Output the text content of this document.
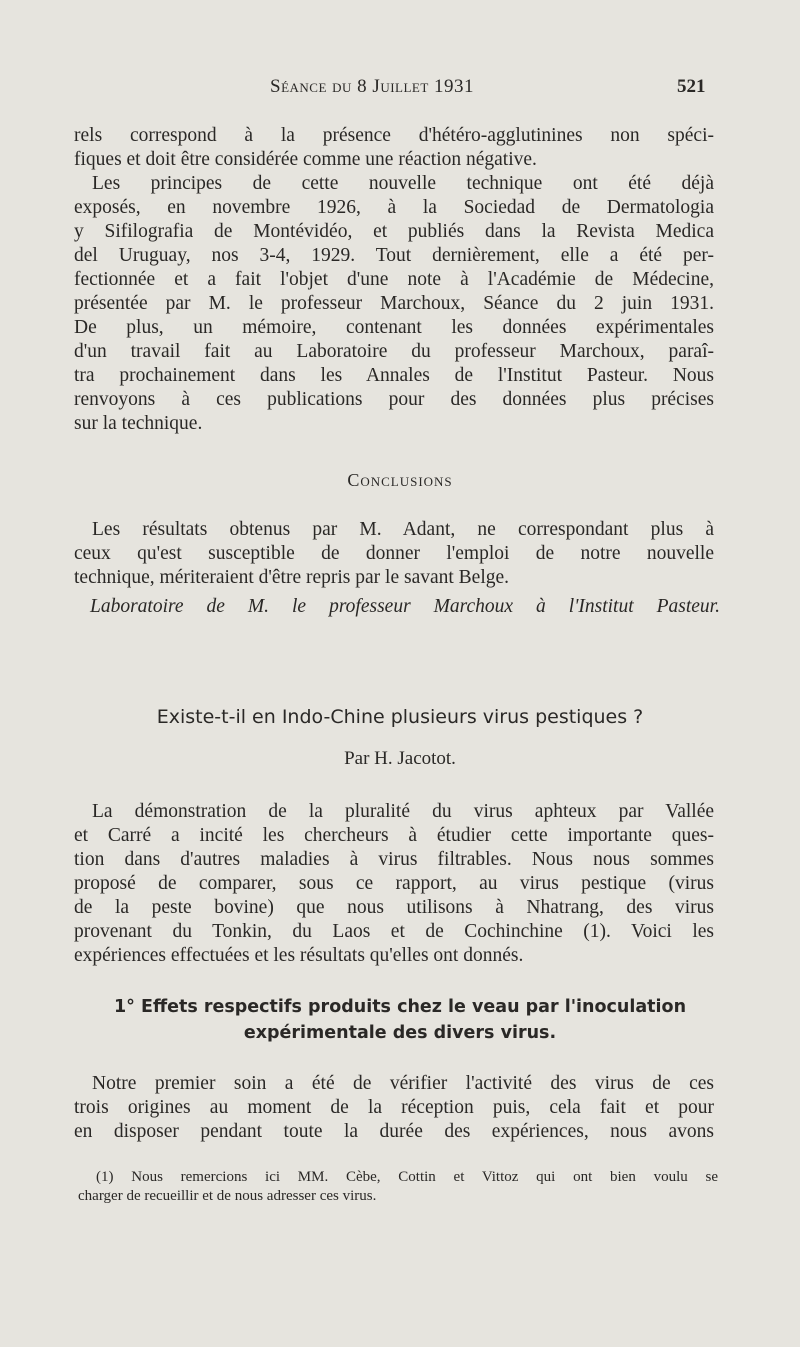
Séance du 8 Juillet 1931	521
rels correspond à la présence d'hétéro-agglutinines non spéci-
fiques et doit être considérée comme une réaction négative.
Les principes de cette nouvelle technique ont été déjà
exposés, en novembre 1926, à la Sociedad de Dermatologia
y Sifilografia de Montévidéo, et publiés dans la Revista Medica
del Uruguay, nos 3-4, 1929. Tout dernièrement, elle a été per-
fectionnée et a fait l'objet d'une note à l'Académie de Médecine,
présentée par M. le professeur Marchoux, Séance du 2 juin 1931.
De plus, un mémoire, contenant les données expérimentales
d'un travail fait au Laboratoire du professeur Marchoux, paraî-
tra prochainement dans les Annales de l'Institut Pasteur. Nous
renvoyons à ces publications pour des données plus précises
sur la technique.
Conclusions
Les résultats obtenus par M. Adant, ne correspondant plus à
ceux qu'est susceptible de donner l'emploi de notre nouvelle
technique, mériteraient d'être repris par le savant Belge.
Laboratoire de M. le professeur Marchoux à l'Institut Pasteur.
Existe-t-il en Indo-Chine plusieurs virus pestiques ?
Par H. Jacotot.
La démonstration de la pluralité du virus aphteux par Vallée
et Carré a incité les chercheurs à étudier cette importante ques-
tion dans d'autres maladies à virus filtrables. Nous nous sommes
proposé de comparer, sous ce rapport, au virus pestique (virus
de la peste bovine) que nous utilisons à Nhatrang, des virus
provenant du Tonkin, du Laos et de Cochinchine (1). Voici les
expériences effectuées et les résultats qu'elles ont donnés.
1° Effets respectifs produits chez le veau par l'inoculation
expérimentale des divers virus.
Notre premier soin a été de vérifier l'activité des virus de ces
trois origines au moment de la réception puis, cela fait et pour
en disposer pendant toute la durée des expériences, nous avons
(1) Nous remercions ici MM. Cèbe, Cottin et Vittoz qui ont bien voulu se
charger de recueillir et de nous adresser ces virus.
